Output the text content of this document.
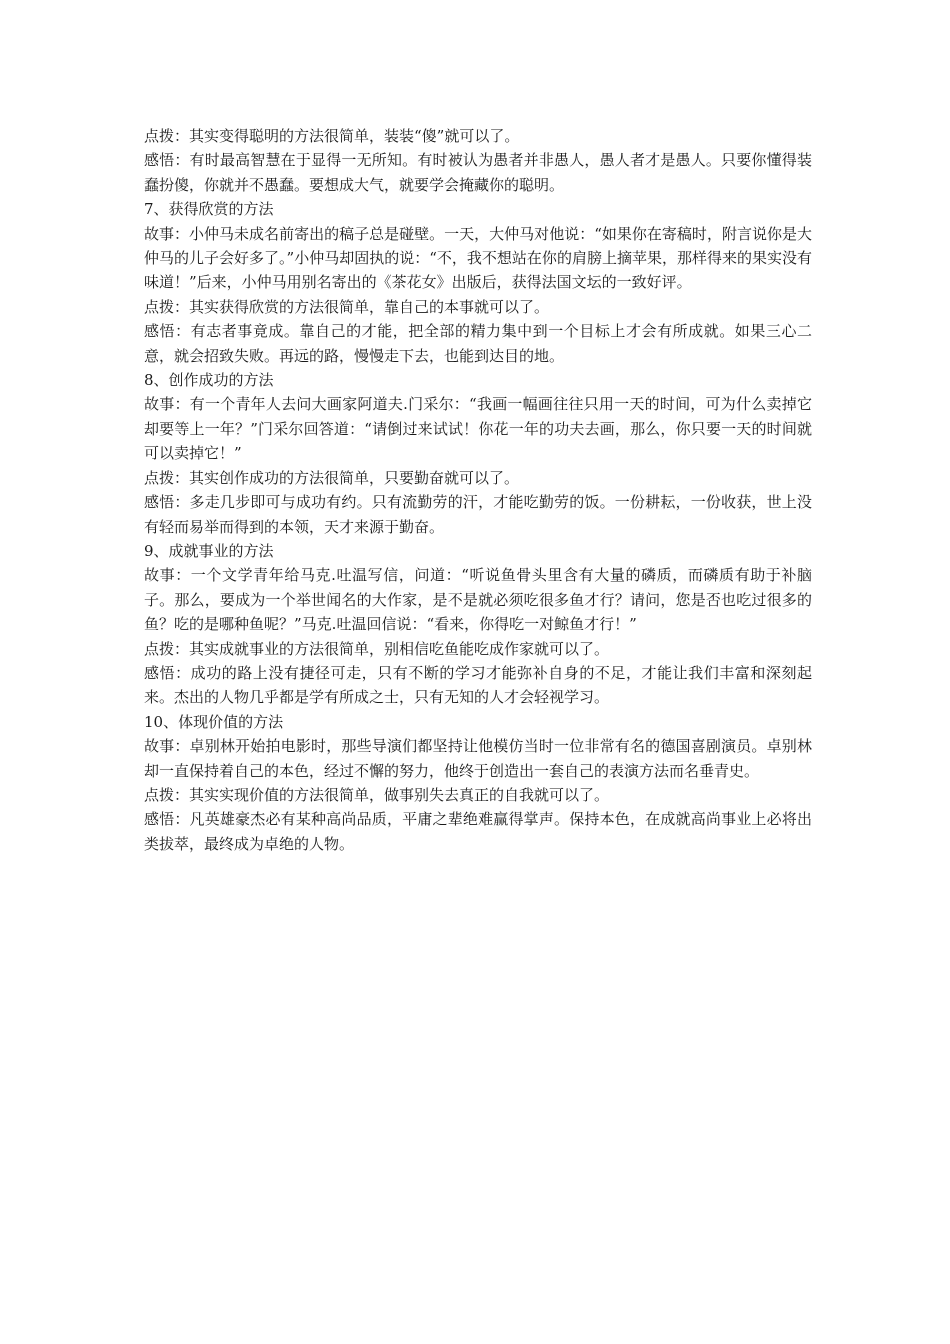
点拨：其实变得聪明的方法很简单，装装“傻”就可以了。

感悟：有时最高智慧在于显得一无所知。有时被认为愚者并非愚人，愚人者才是愚人。只要你懂得装蠢扮傻，你就并不愚蠢。要想成大气，就要学会掩藏你的聪明。

7、获得欣赏的方法

故事：小仲马未成名前寄出的稿子总是碰壁。一天，大仲马对他说：“如果你在寄稿时，附言说你是大仲马的儿子会好多了。”小仲马却固执的说：“不，我不想站在你的肩膀上摘苹果，那样得来的果实没有味道！”后来，小仲马用别名寄出的《茶花女》出版后，获得法国文坛的一致好评。

点拨：其实获得欣赏的方法很简单，靠自己的本事就可以了。

感悟：有志者事竟成。靠自己的才能，把全部的精力集中到一个目标上才会有所成就。如果三心二意，就会招致失败。再远的路，慢慢走下去，也能到达目的地。

8、创作成功的方法

故事：有一个青年人去问大画家阿道夫.门采尔：“我画一幅画往往只用一天的时间，可为什么卖掉它却要等上一年？”门采尔回答道：“请倒过来试试！你花一年的功夫去画，那么，你只要一天的时间就可以卖掉它！”

点拨：其实创作成功的方法很简单，只要勤奋就可以了。

感悟：多走几步即可与成功有约。只有流勤劳的汗，才能吃勤劳的饭。一份耕耘，一份收获，世上没有轻而易举而得到的本领，天才来源于勤奋。

9、成就事业的方法

故事：一个文学青年给马克.吐温写信，问道：“听说鱼骨头里含有大量的磷质，而磷质有助于补脑子。那么，要成为一个举世闻名的大作家，是不是就必须吃很多鱼才行？请问，您是否也吃过很多的鱼？吃的是哪种鱼呢？”马克.吐温回信说：“看来，你得吃一对鲸鱼才行！”

点拨：其实成就事业的方法很简单，别相信吃鱼能吃成作家就可以了。

感悟：成功的路上没有捷径可走，只有不断的学习才能弥补自身的不足，才能让我们丰富和深刻起来。杰出的人物几乎都是学有所成之士，只有无知的人才会轻视学习。

10、体现价值的方法

故事：卓别林开始拍电影时，那些导演们都坚持让他模仿当时一位非常有名的德国喜剧演员。卓别林却一直保持着自己的本色，经过不懈的努力，他终于创造出一套自己的表演方法而名垂青史。

点拨：其实实现价值的方法很简单，做事别失去真正的自我就可以了。

感悟：凡英雄豪杰必有某种高尚品质，平庸之辈绝难赢得掌声。保持本色，在成就高尚事业上必将出类拔萃，最终成为卓绝的人物。
